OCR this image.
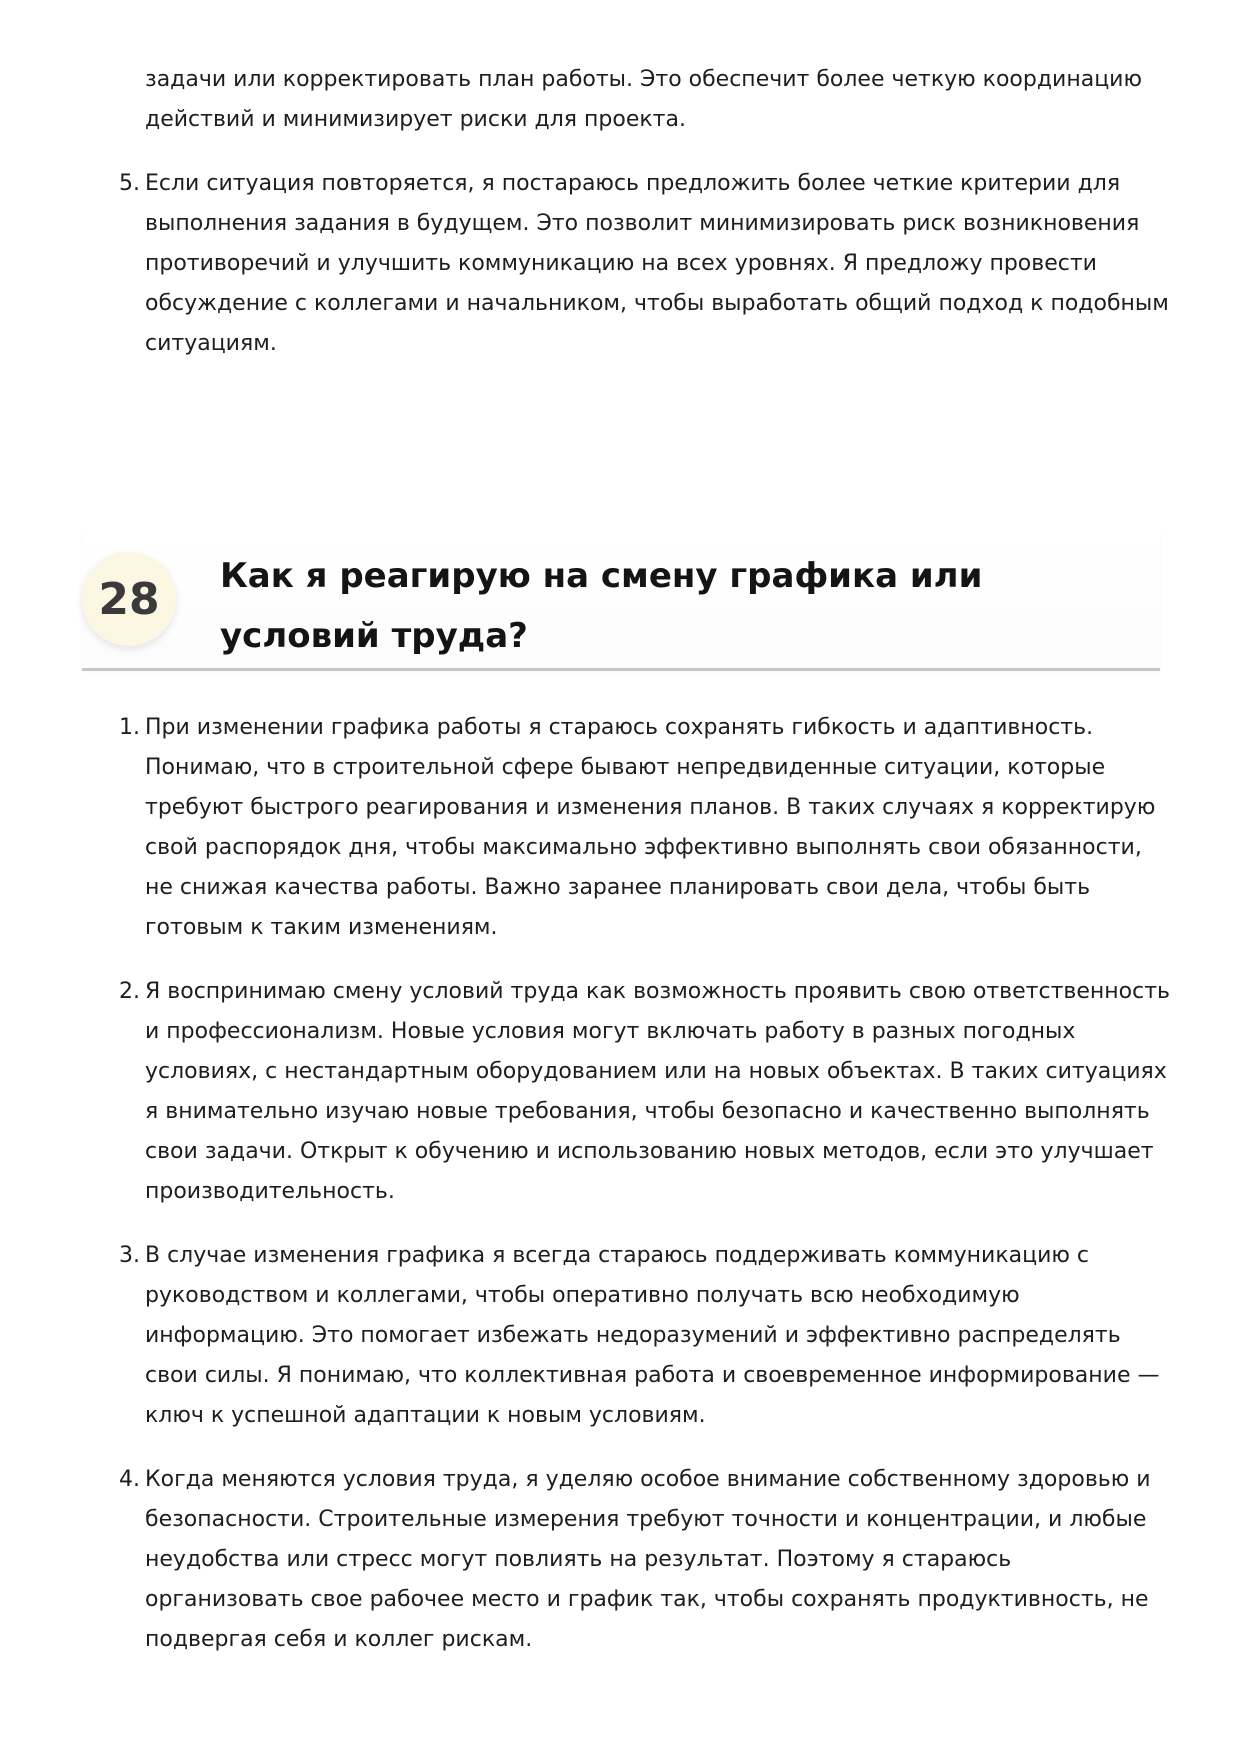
задачи или корректировать план работы. Это обеспечит более четкую координацию действий и минимизирует риски для проекта.

5. Если ситуация повторяется, я постараюсь предложить более четкие критерии для выполнения задания в будущем. Это позволит минимизировать риск возникновения противоречий и улучшить коммуникацию на всех уровнях. Я предложу провести обсуждение с коллегами и начальником, чтобы выработать общий подход к подобным ситуациям.
28	Как я реагирую на смену графика или условий труда?
1. При изменении графика работы я стараюсь сохранять гибкость и адаптивность. Понимаю, что в строительной сфере бывают непредвиденные ситуации, которые требуют быстрого реагирования и изменения планов. В таких случаях я корректирую свой распорядок дня, чтобы максимально эффективно выполнять свои обязанности, не снижая качества работы. Важно заранее планировать свои дела, чтобы быть готовым к таким изменениям.
2. Я воспринимаю смену условий труда как возможность проявить свою ответственность и профессионализм. Новые условия могут включать работу в разных погодных условиях, с нестандартным оборудованием или на новых объектах. В таких ситуациях я внимательно изучаю новые требования, чтобы безопасно и качественно выполнять свои задачи. Открыт к обучению и использованию новых методов, если это улучшает производительность.
3. В случае изменения графика я всегда стараюсь поддерживать коммуникацию с руководством и коллегами, чтобы оперативно получать всю необходимую информацию. Это помогает избежать недоразумений и эффективно распределять свои силы. Я понимаю, что коллективная работа и своевременное информирование — ключ к успешной адаптации к новым условиям.
4. Когда меняются условия труда, я уделяю особое внимание собственному здоровью и безопасности. Строительные измерения требуют точности и концентрации, и любые неудобства или стресс могут повлиять на результат. Поэтому я стараюсь организовать свое рабочее место и график так, чтобы сохранять продуктивность, не подвергая себя и коллег рискам.
